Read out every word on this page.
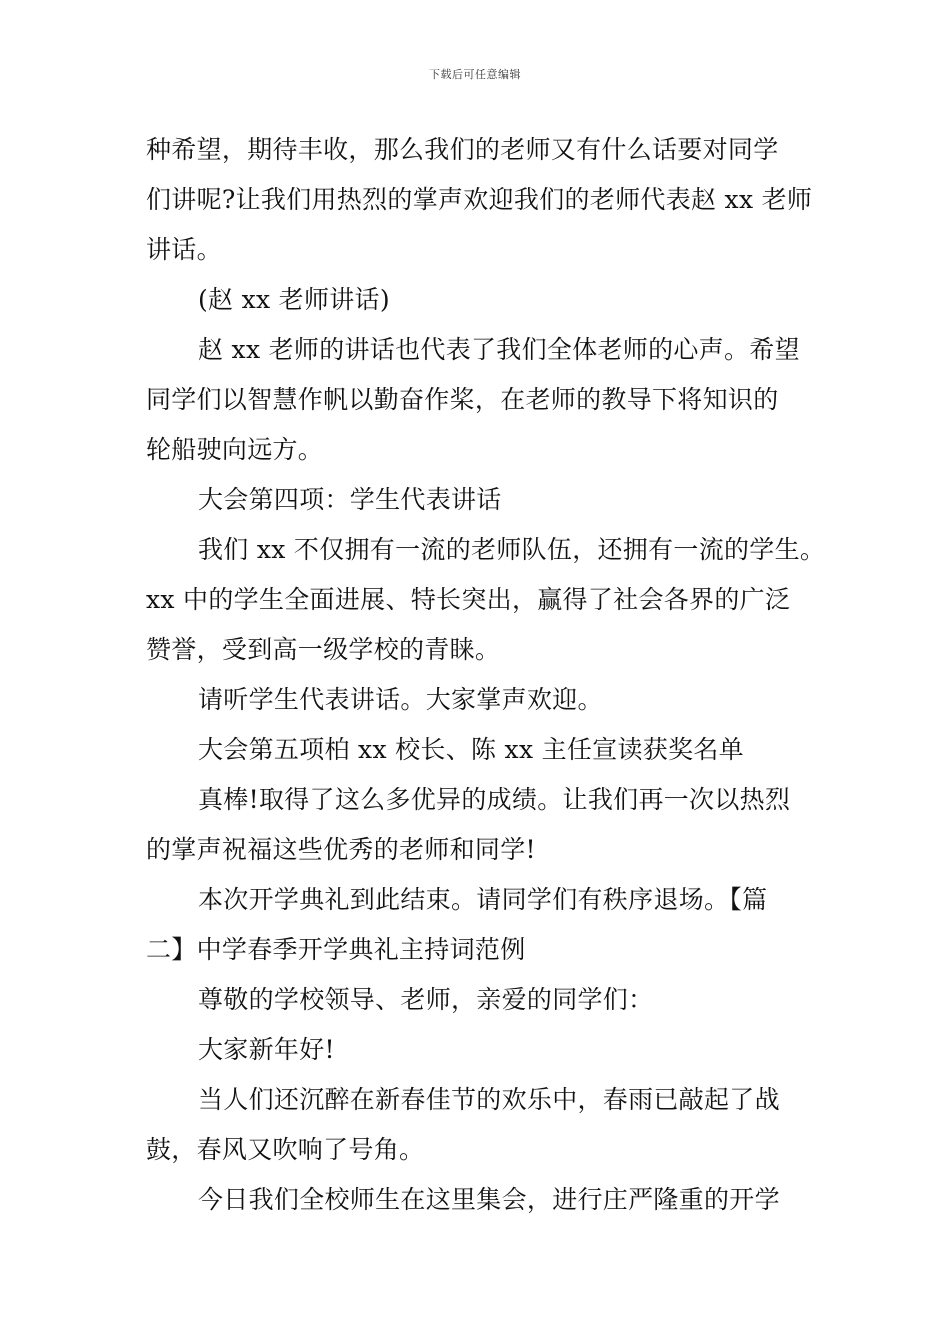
下载后可任意编辑
种希望，期待丰收，那么我们的老师又有什么话要对同学
们讲呢?让我们用热烈的掌声欢迎我们的老师代表赵 xx 老师
讲话。
(赵 xx 老师讲话)
赵 xx 老师的讲话也代表了我们全体老师的心声。希望
同学们以智慧作帆以勤奋作桨，在老师的教导下将知识的
轮船驶向远方。
大会第四项：学生代表讲话
我们 xx 不仅拥有一流的老师队伍，还拥有一流的学生。
xx 中的学生全面进展、特长突出，赢得了社会各界的广泛
赞誉，受到高一级学校的青睐。
请听学生代表讲话。大家掌声欢迎。
大会第五项柏 xx 校长、陈 xx 主任宣读获奖名单
真棒!取得了这么多优异的成绩。让我们再一次以热烈
的掌声祝福这些优秀的老师和同学!
本次开学典礼到此结束。请同学们有秩序退场。【篇
二】中学春季开学典礼主持词范例
尊敬的学校领导、老师，亲爱的同学们：
大家新年好!
当人们还沉醉在新春佳节的欢乐中，春雨已敲起了战
鼓，春风又吹响了号角。
今日我们全校师生在这里集会，进行庄严隆重的开学
